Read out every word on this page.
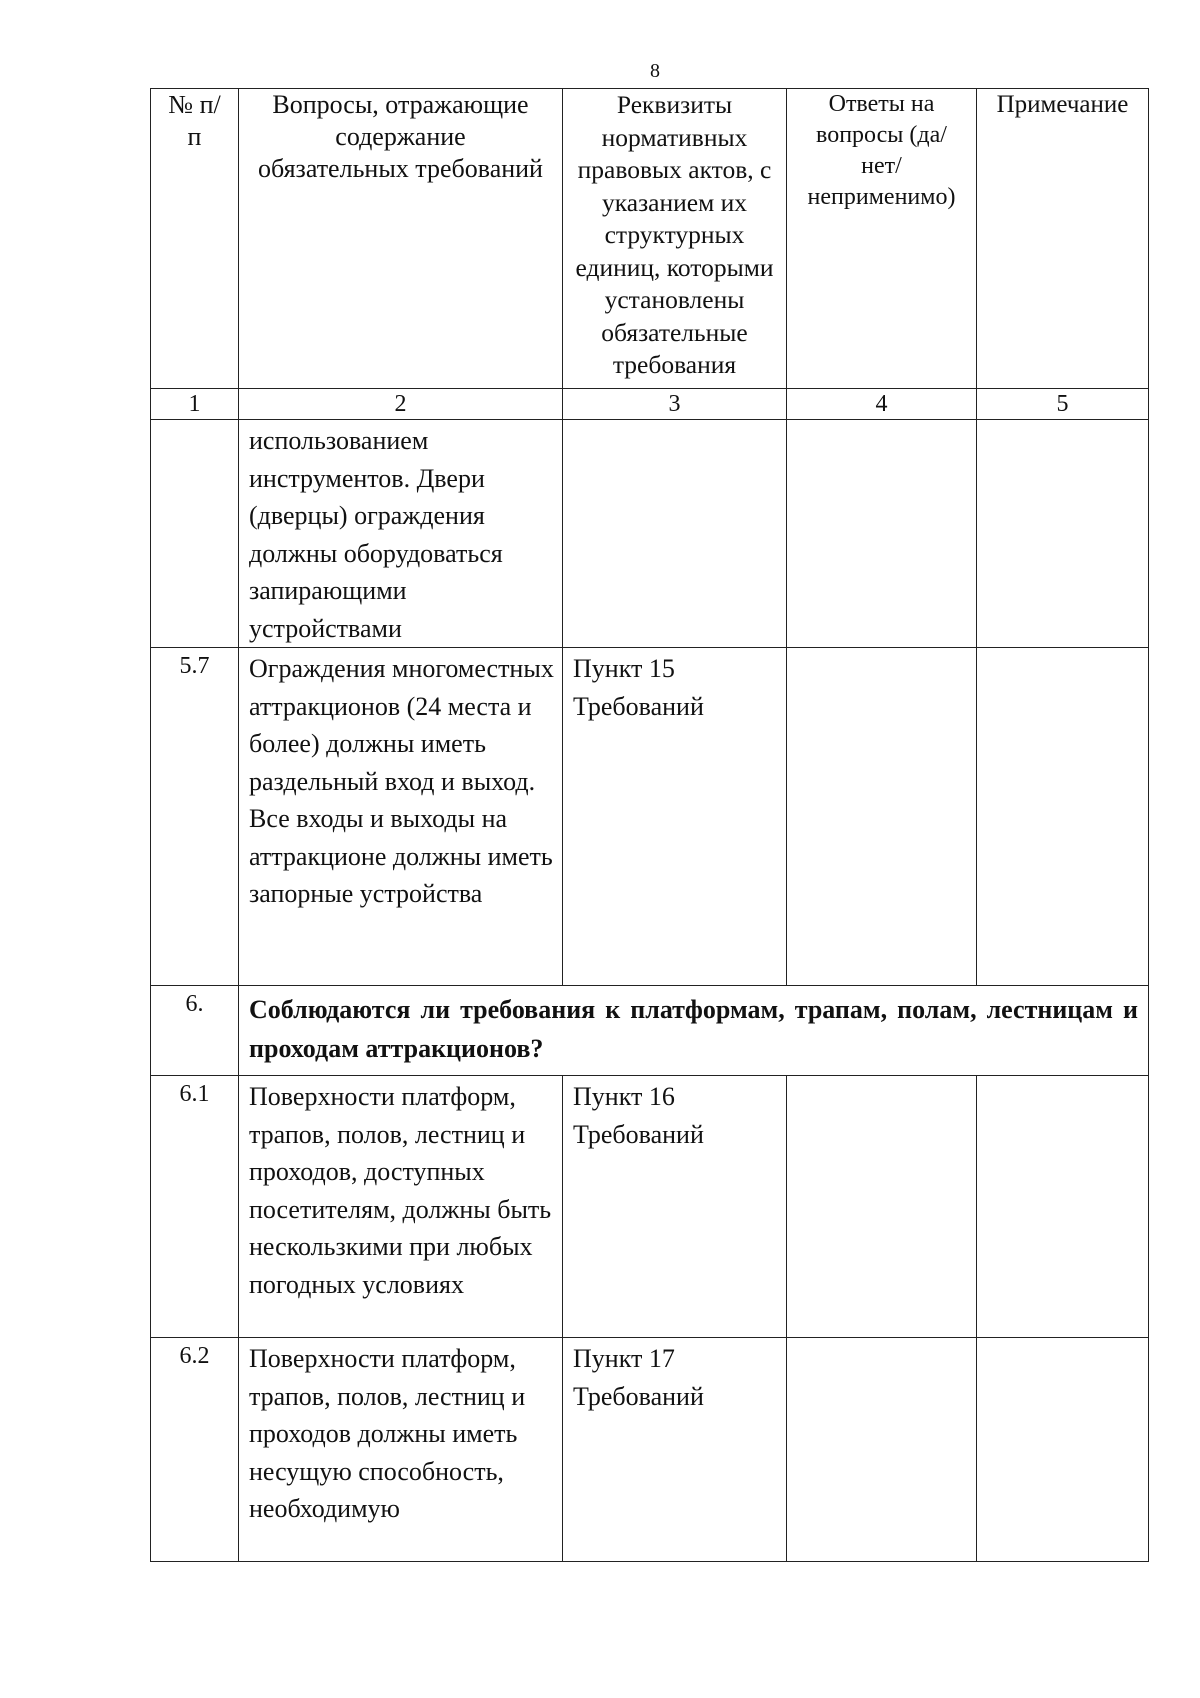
8
№ п/п	Вопросы, отражающие содержание обязательных требований	Реквизиты нормативных правовых актов, с указанием их структурных единиц, которыми установлены обязательные требования	Ответы на вопросы (да/нет/ неприменимо)	Примечание
1	2	3	4	5
	использованием инструментов. Двери (дверцы) ограждения должны оборудоваться запирающими устройствами	

5.7	Ограждения многоместных аттракционов (24 места и более) должны иметь раздельный вход и выход. Все входы и выходы на аттракционе должны иметь запорные устройства	Пункт 15
Требований		

6.	Соблюдаются ли требования к платформам, трапам, полам, лестницам и проходам аттракционов?			
6.1	Поверхности платформ, трапов, полов, лестниц и проходов, доступных посетителям, должны быть нескользкими при любых погодных условиях	Пункт 16
Требований		

6.2	Поверхности платформ, трапов, полов, лестниц и проходов должны иметь несущую способность, необходимую	Пункт 17
Требований		
